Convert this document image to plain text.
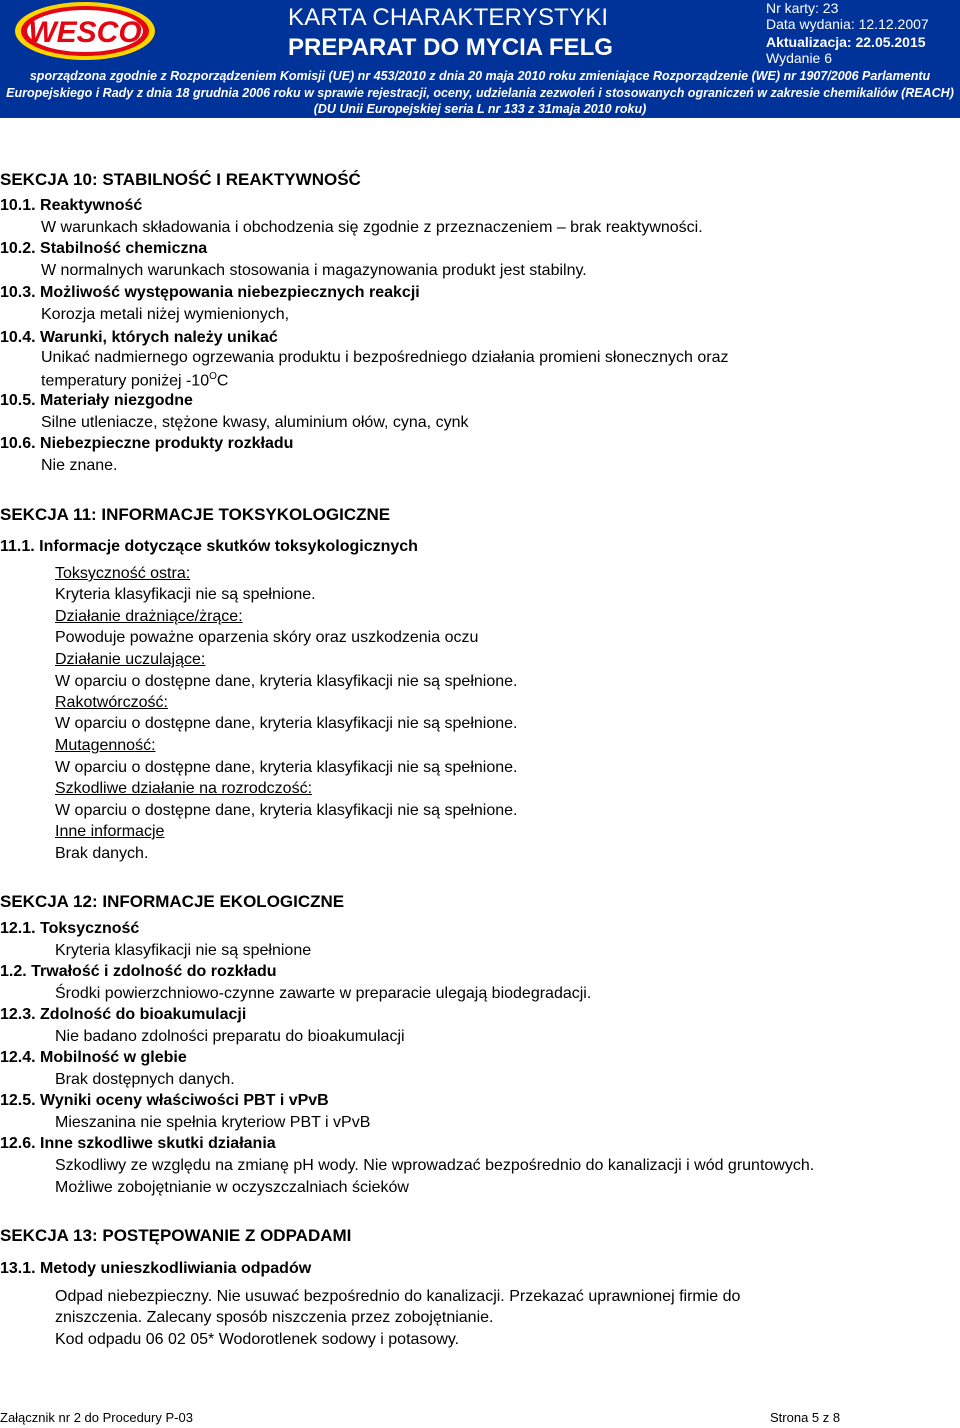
WESCO	KARTA CHARAKTERYSTYKI
PREPARAT DO MYCIA FELG
Nr karty: 23
Data wydania: 12.12.2007
Aktualizacja: 22.05.2015
Wydanie 6
sporządzona zgodnie z Rozporządzeniem Komisji (UE) nr 453/2010 z dnia 20 maja 2010 roku zmieniające Rozporządzenie (WE) nr 1907/2006 Parlamentu
Europejskiego i Rady z dnia 18 grudnia 2006 roku w sprawie rejestracji, oceny, udzielania zezwoleń i stosowanych ograniczeń w zakresie chemikaliów (REACH)
(DU Unii Europejskiej seria L nr 133 z 31maja 2010 roku)
SEKCJA 10: STABILNOŚĆ I REAKTYWNOŚĆ
10.1. Reaktywność
W warunkach składowania i obchodzenia się zgodnie z przeznaczeniem – brak reaktywności.
10.2. Stabilność chemiczna
W normalnych warunkach stosowania i magazynowania produkt jest stabilny.
10.3. Możliwość występowania niebezpiecznych reakcji
Korozja metali niżej wymienionych,
10.4. Warunki, których należy unikać
Unikać nadmiernego ogrzewania produktu i bezpośredniego działania promieni słonecznych oraz
temperatury poniżej $-10^OC$
10.5. Materiały niezgodne
Silne utleniacze, stężone kwasy, aluminium ołów, cyna, cynk
10.6. Niebezpieczne produkty rozkładu
Nie znane.
SEKCJA 11: INFORMACJE TOKSYKOLOGICZNE
11.1. Informacje dotyczące skutków toksykologicznych
Toksyczność ostra:
Kryteria klasyfikacji nie są spełnione.
Działanie drażniące/żrące:
Powoduje poważne oparzenia skóry oraz uszkodzenia oczu
Działanie uczulające:
W oparciu o dostępne dane, kryteria klasyfikacji nie są spełnione.
Rakotwórczość:
W oparciu o dostępne dane, kryteria klasyfikacji nie są spełnione.
Mutagenność:
W oparciu o dostępne dane, kryteria klasyfikacji nie są spełnione.
Szkodliwe działanie na rozrodczość:
W oparciu o dostępne dane, kryteria klasyfikacji nie są spełnione.
Inne informacje
Brak danych.
SEKCJA 12: INFORMACJE EKOLOGICZNE
12.1. Toksyczność
Kryteria klasyfikacji nie są spełnione
1.2. Trwałość i zdolność do rozkładu
Środki powierzchniowo-czynne zawarte w preparacie ulegają biodegradacji.
12.3. Zdolność do bioakumulacji
Nie badano zdolności preparatu do bioakumulacji
12.4. Mobilność w glebie
Brak dostępnych danych.
12.5. Wyniki oceny właściwości PBT i vPvB
Mieszanina nie spełnia kryteriow PBT i vPvB
12.6. Inne szkodliwe skutki działania
Szkodliwy ze względu na zmianę pH wody. Nie wprowadzać bezpośrednio do kanalizacji i wód gruntowych.
Możliwe zobojętnianie w oczyszczalniach ścieków
SEKCJA 13: POSTĘPOWANIE Z ODPADAMI
13.1. Metody unieszkodliwiania odpadów
Odpad niebezpieczny. Nie usuwać bezpośrednio do kanalizacji. Przekazać uprawnionej firmie do
zniszczenia. Zalecany sposób niszczenia przez zobojętnianie.
Kod odpadu 06 02 05* Wodorotlenek sodowy i potasowy.
Załącznik nr 2 do Procedury P-03	Strona 5 z 8
